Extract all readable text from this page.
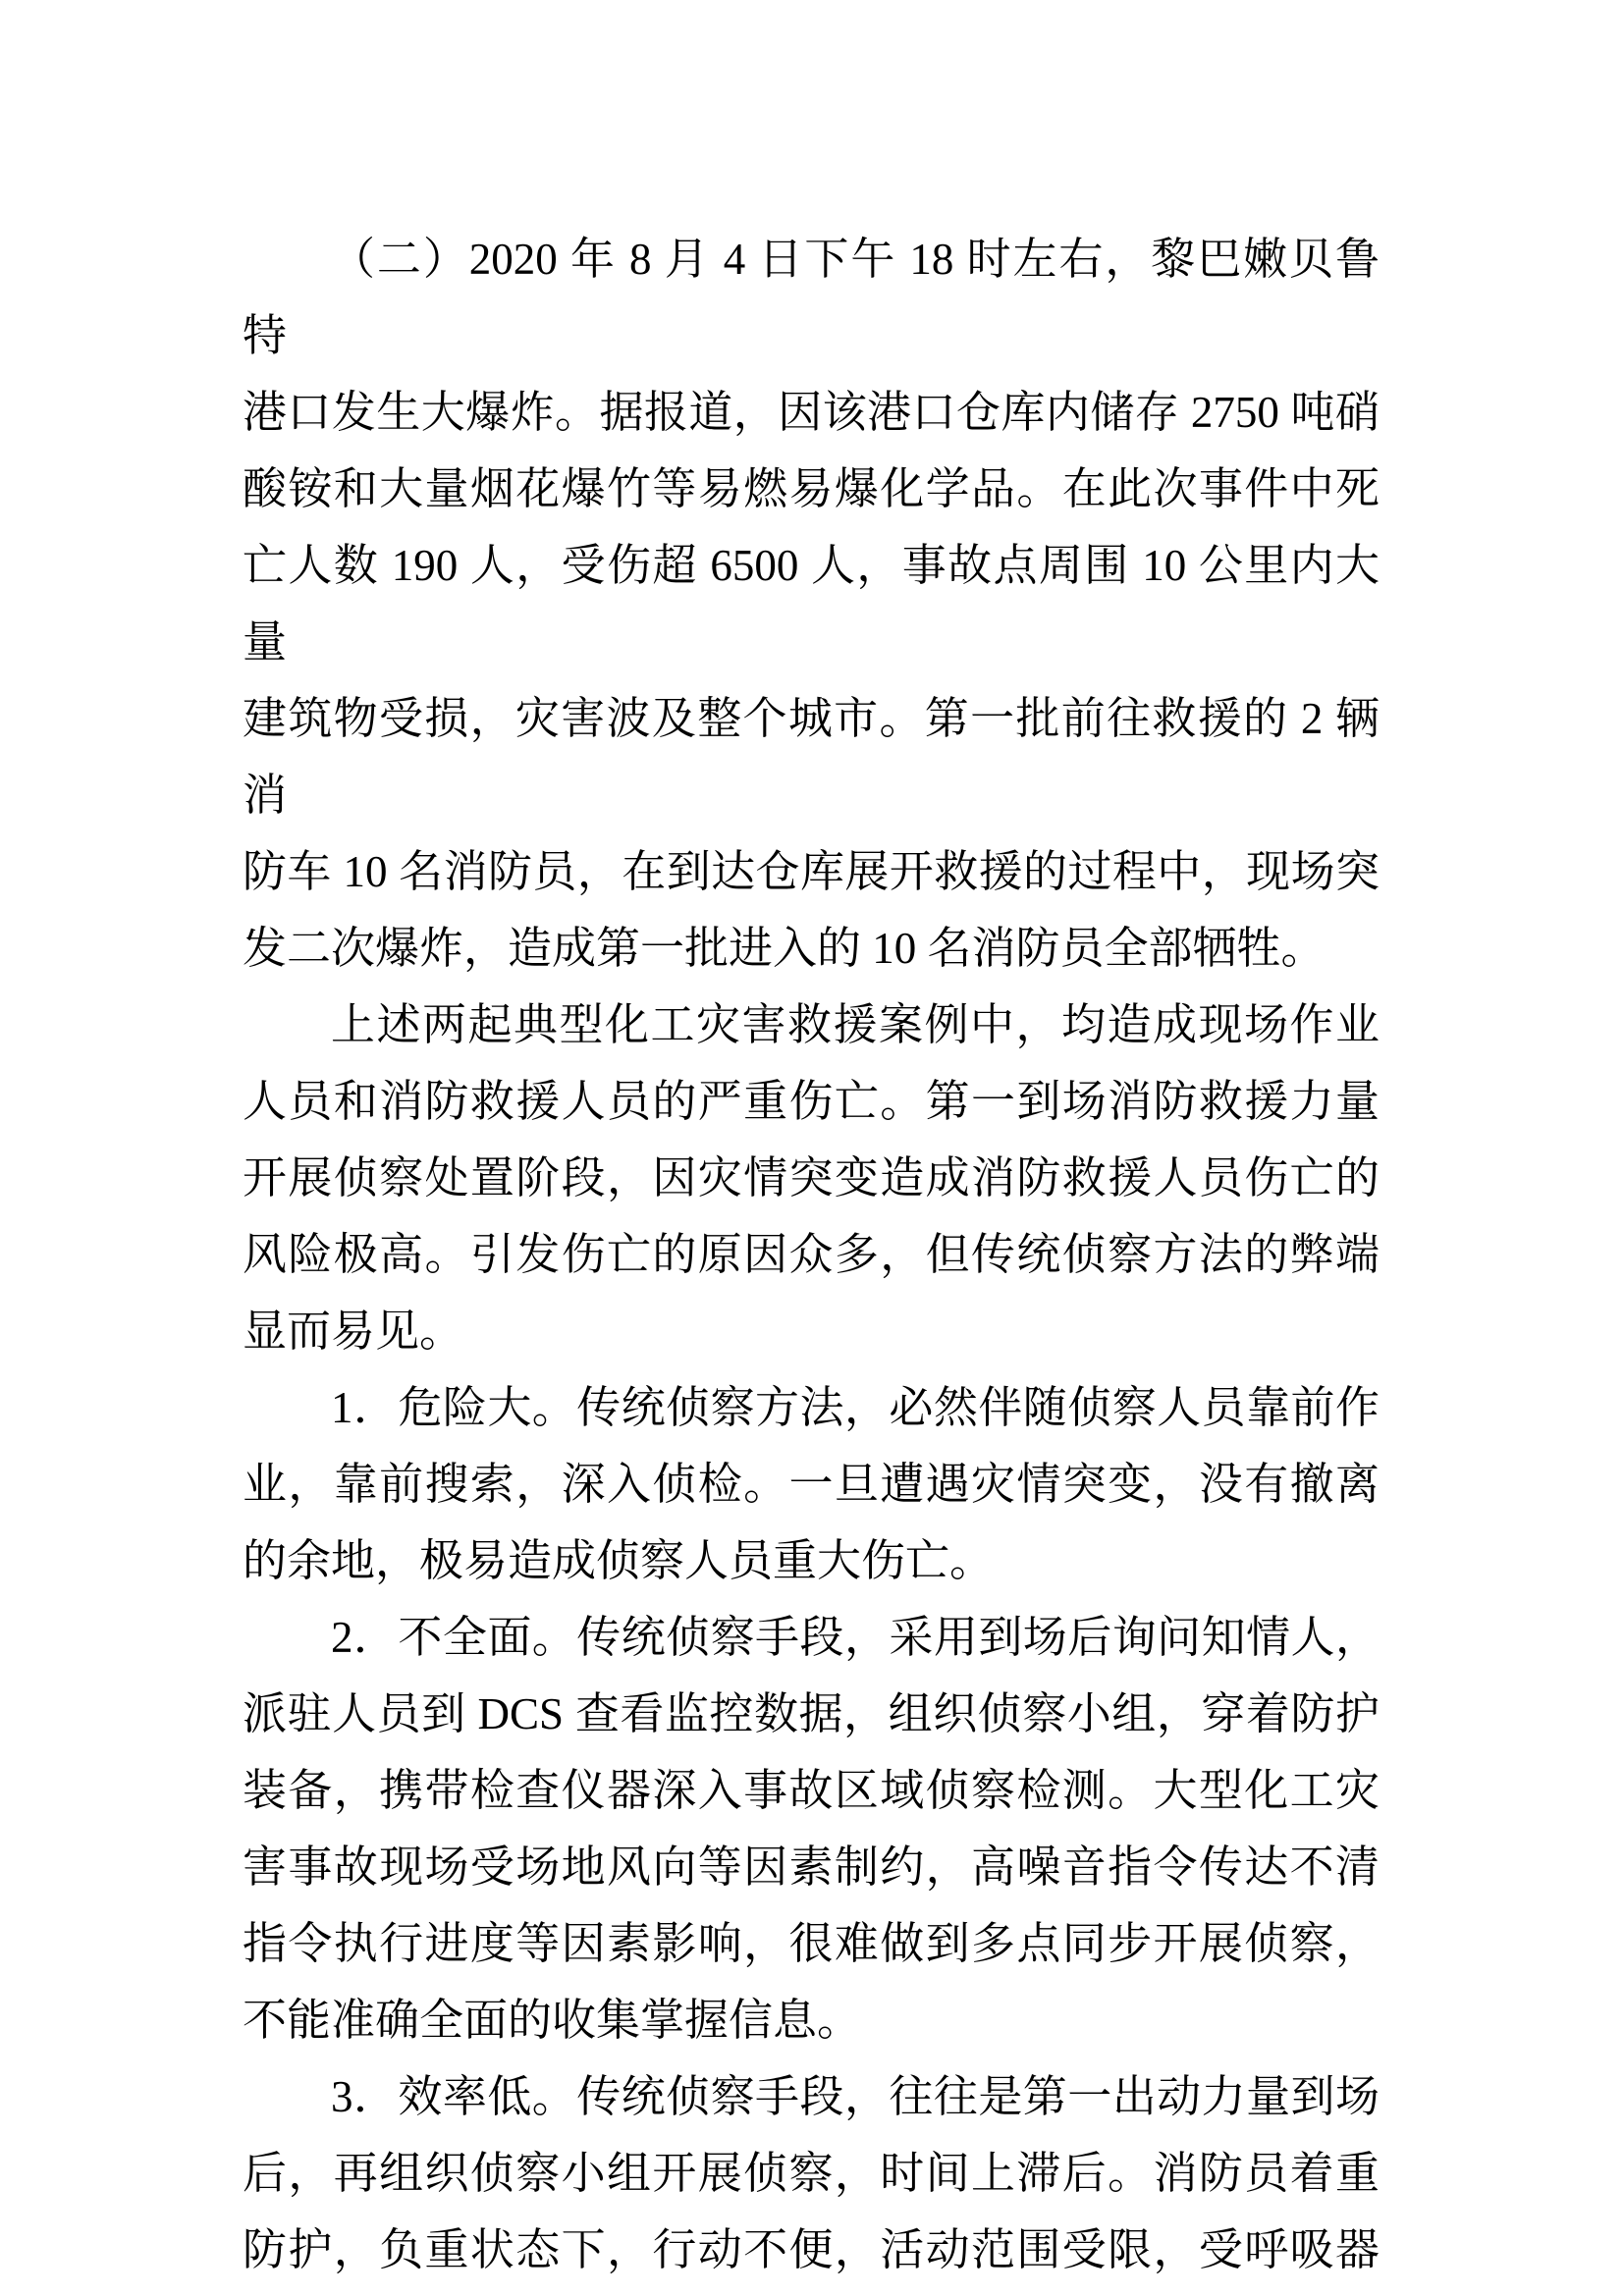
（二）2020 年 8 月 4 日下午 18 时左右，黎巴嫩贝鲁特
港口发生大爆炸。据报道，因该港口仓库内储存 2750 吨硝
酸铵和大量烟花爆竹等易燃易爆化学品。在此次事件中死
亡人数 190 人，受伤超 6500 人，事故点周围 10 公里内大量
建筑物受损，灾害波及整个城市。第一批前往救援的 2 辆消
防车 10 名消防员，在到达仓库展开救援的过程中，现场突
发二次爆炸，造成第一批进入的 10 名消防员全部牺牲。
上述两起典型化工灾害救援案例中，均造成现场作业
人员和消防救援人员的严重伤亡。第一到场消防救援力量
开展侦察处置阶段，因灾情突变造成消防救援人员伤亡的
风险极高。引发伤亡的原因众多，但传统侦察方法的弊端
显而易见。
1．危险大。传统侦察方法，必然伴随侦察人员靠前作
业，靠前搜索，深入侦检。一旦遭遇灾情突变，没有撤离
的余地，极易造成侦察人员重大伤亡。
2．不全面。传统侦察手段，采用到场后询问知情人，
派驻人员到 DCS 查看监控数据，组织侦察小组，穿着防护
装备，携带检查仪器深入事故区域侦察检测。大型化工灾
害事故现场受场地风向等因素制约，高噪音指令传达不清
指令执行进度等因素影响，很难做到多点同步开展侦察，
不能准确全面的收集掌握信息。
3．效率低。传统侦察手段，往往是第一出动力量到场
后，再组织侦察小组开展侦察，时间上滞后。消防员着重
防护，负重状态下，行动不便，活动范围受限，受呼吸器
